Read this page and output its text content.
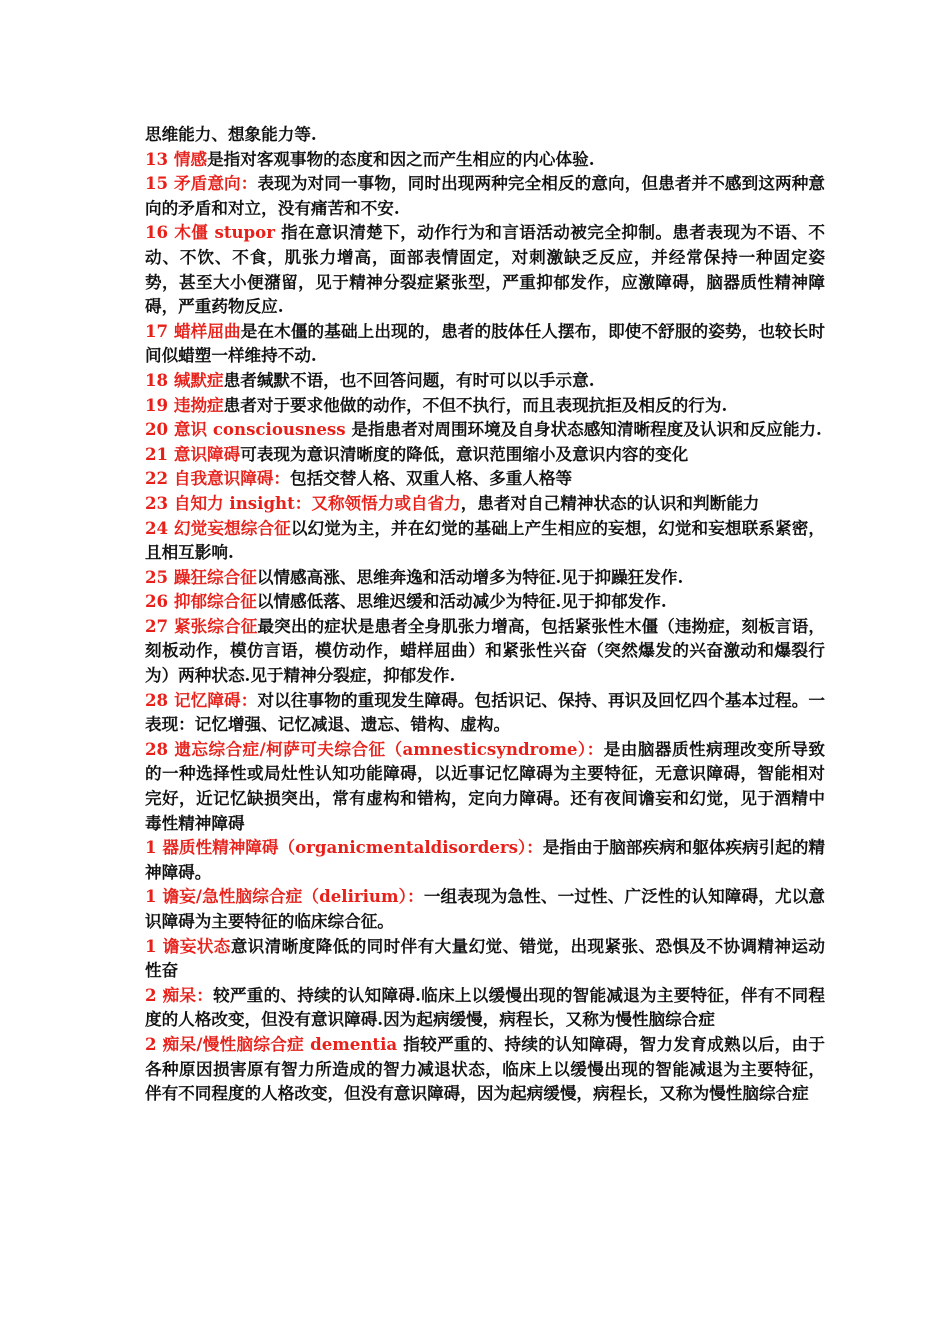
思维能力、想象能力等.

13 情感是指对客观事物的态度和因之而产生相应的内心体验.

15 矛盾意向：表现为对同一事物，同时出现两种完全相反的意向，但患者并不感到这两种意向的矛盾和对立，没有痛苦和不安.

16 木僵 stupor 指在意识清楚下，动作行为和言语活动被完全抑制。患者表现为不语、不动、不饮、不食，肌张力增高，面部表情固定，对刺激缺乏反应，并经常保持一种固定姿势，甚至大小便潴留，见于精神分裂症紧张型，严重抑郁发作，应激障碍，脑器质性精神障碍，严重药物反应.

17 蜡样屈曲是在木僵的基础上出现的，患者的肢体任人摆布，即使不舒服的姿势，也较长时间似蜡塑一样维持不动.

18 缄默症患者缄默不语，也不回答问题，有时可以以手示意.

19 违拗症患者对于要求他做的动作，不但不执行，而且表现抗拒及相反的行为.

20 意识 consciousness 是指患者对周围环境及自身状态感知清晰程度及认识和反应能力.

21 意识障碍可表现为意识清晰度的降低，意识范围缩小及意识内容的变化

22 自我意识障碍：包括交替人格、双重人格、多重人格等

23 自知力 insight：又称领悟力或自省力，患者对自己精神状态的认识和判断能力

24 幻觉妄想综合征以幻觉为主，并在幻觉的基础上产生相应的妄想，幻觉和妄想联系紧密，且相互影响.

25 躁狂综合征以情感高涨、思维奔逸和活动增多为特征.见于抑躁狂发作.

26 抑郁综合征以情感低落、思维迟缓和活动减少为特征.见于抑郁发作.

27 紧张综合征最突出的症状是患者全身肌张力增高，包括紧张性木僵（违拗症，刻板言语，刻板动作，模仿言语，模仿动作，蜡样屈曲）和紧张性兴奋（突然爆发的兴奋激动和爆裂行为）两种状态.见于精神分裂症，抑郁发作.

28 记忆障碍：对以往事物的重现发生障碍。包括识记、保持、再识及回忆四个基本过程。一表现：记忆增强、记忆减退、遗忘、错构、虚构。

28 遗忘综合症/柯萨可夫综合征（amnesticsyndrome）：是由脑器质性病理改变所导致的一种选择性或局灶性认知功能障碍，以近事记忆障碍为主要特征，无意识障碍，智能相对完好，近记忆缺损突出，常有虚构和错构，定向力障碍。还有夜间谵妄和幻觉，见于酒精中毒性精神障碍

1 器质性精神障碍（organicmentaldisorders）：是指由于脑部疾病和躯体疾病引起的精神障碍。

1 谵妄/急性脑综合症（delirium）：一组表现为急性、一过性、广泛性的认知障碍，尤以意识障碍为主要特征的临床综合征。

1 谵妄状态意识清晰度降低的同时伴有大量幻觉、错觉，出现紧张、恐惧及不协调精神运动性奋

2 痴呆：较严重的、持续的认知障碍.临床上以缓慢出现的智能减退为主要特征，伴有不同程度的人格改变，但没有意识障碍.因为起病缓慢，病程长，又称为慢性脑综合症

2 痴呆/慢性脑综合症 dementia 指较严重的、持续的认知障碍，智力发育成熟以后，由于各种原因损害原有智力所造成的智力减退状态，临床上以缓慢出现的智能减退为主要特征，伴有不同程度的人格改变，但没有意识障碍，因为起病缓慢，病程长，又称为慢性脑综合症
